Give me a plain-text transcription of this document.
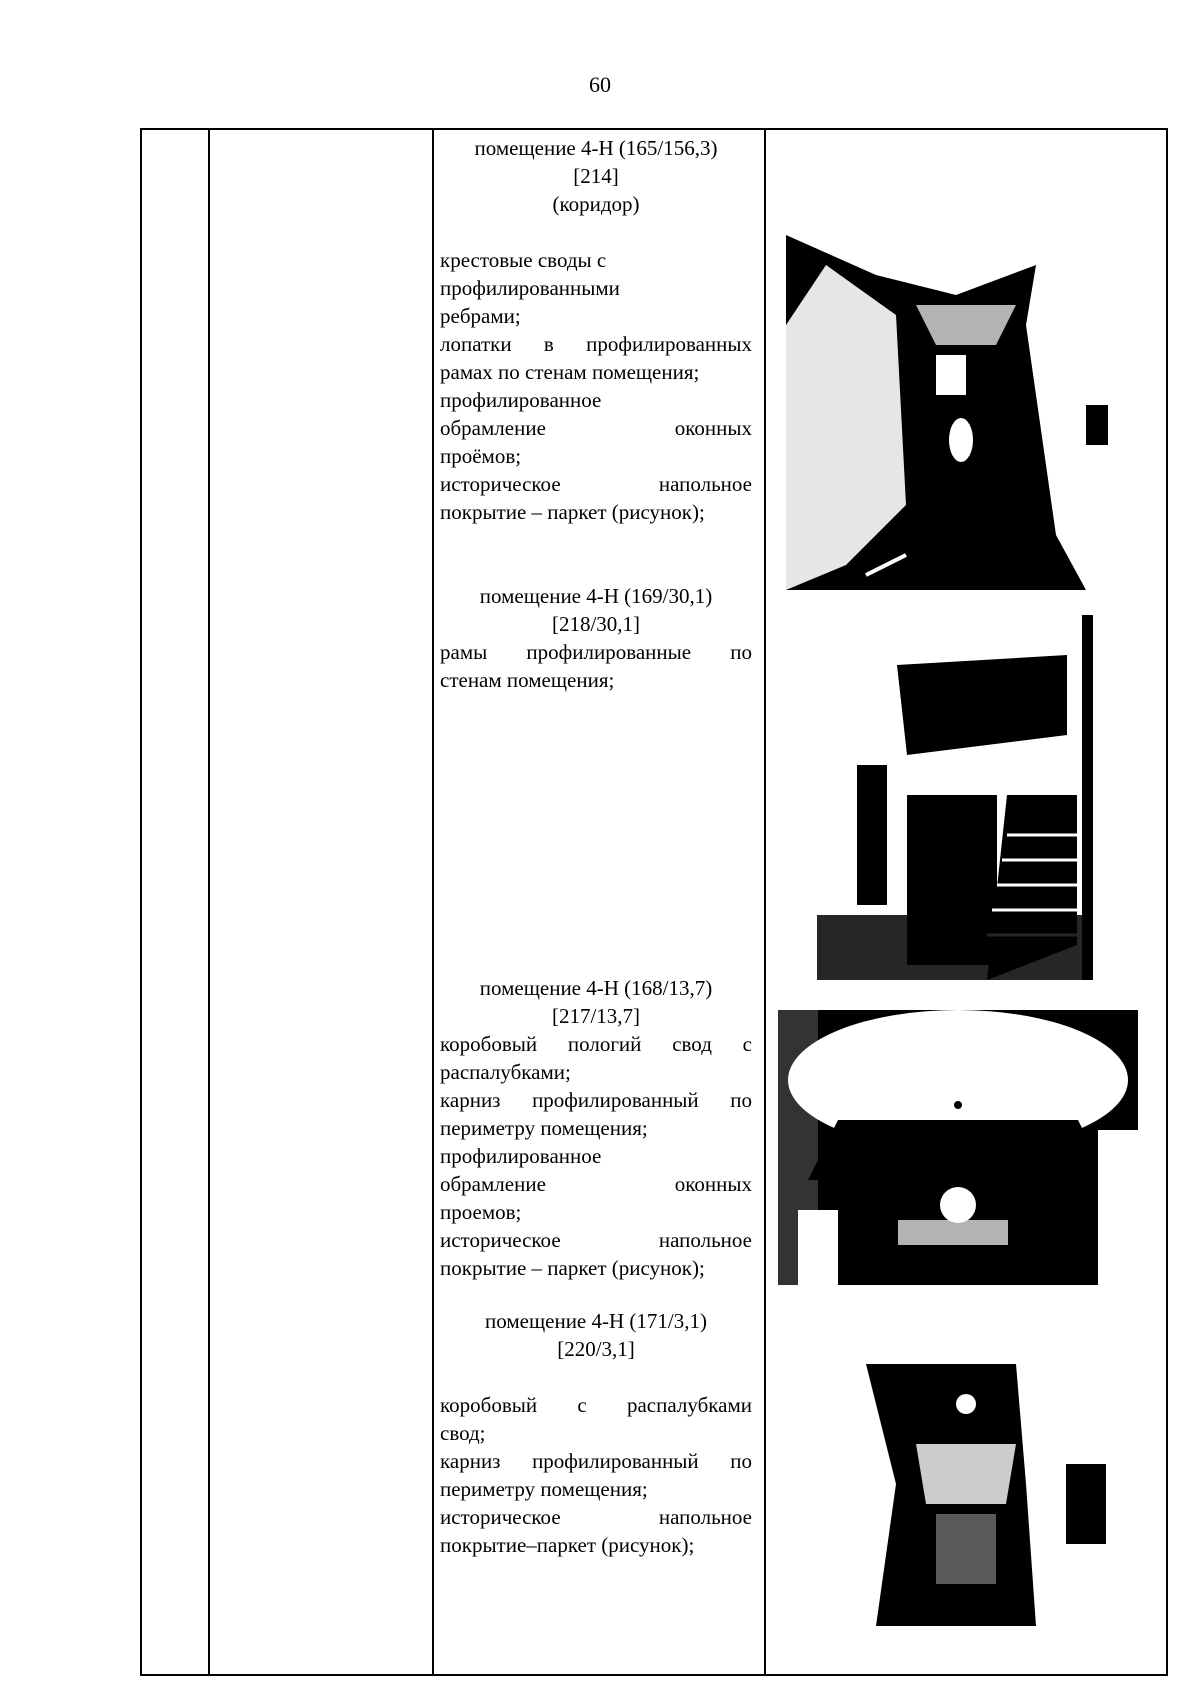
60
помещение 4-Н (165/156,3)
[214]
(коридор)
крестовые своды с
профилированными
ребрами;
лопатки в профилированных
рамах по стенам помещения;
профилированное
обрамление оконных
проёмов;
историческое напольное
покрытие – паркет (рисунок);
помещение 4-Н (169/30,1)
[218/30,1]
рамы профилированные по
стенам помещения;
помещение 4-Н (168/13,7)
[217/13,7]
коробовый пологий свод с
распалубками;
карниз профилированный по
периметру помещения;
профилированное
обрамление оконных
проемов;
историческое напольное
покрытие – паркет (рисунок);
помещение 4-Н (171/3,1)
[220/3,1]
коробовый с распалубками
свод;
карниз профилированный по
периметру помещения;
историческое напольное
покрытие–паркет (рисунок);
